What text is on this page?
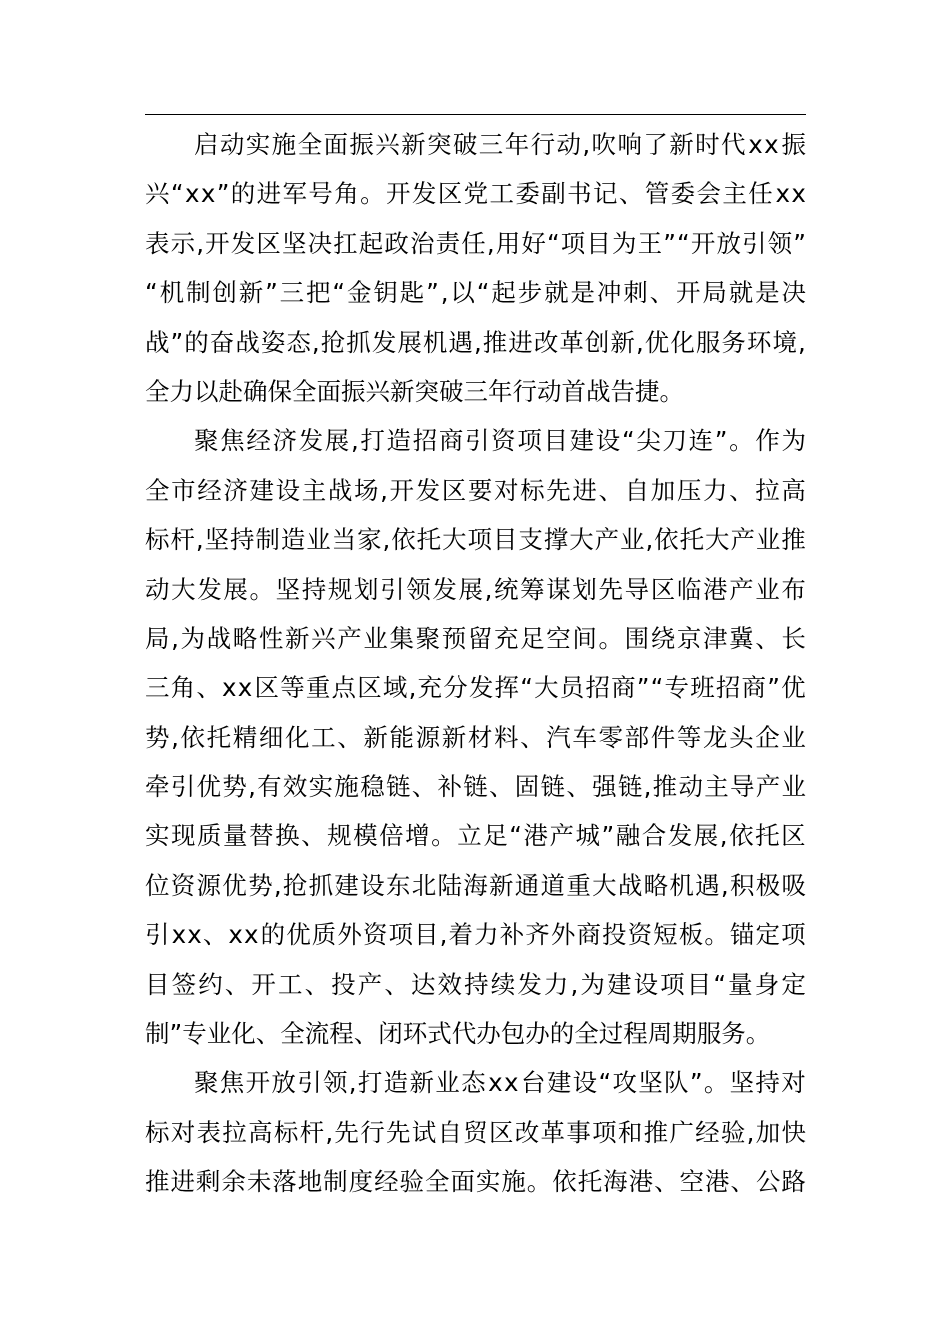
启 动 实 施 全 面 振 兴 新 突 破 三 年 行 动 , 吹 响 了 新 时 代 x x 振
兴 “ x x ” 的 进 军 号 角 。 开 发 区 党 工 委 副 书 记 、 管 委 会 主 任 x x
表 示 , 开 发 区 坚 决 扛 起 政 治 责 任 , 用 好 “ 项 目 为 王 ” “ 开 放 引 领 ”
“ 机 制 创 新 ” 三 把 “ 金 钥 匙 ” , 以 “ 起 步 就 是 冲 刺 、 开 局 就 是 决
战 ” 的 奋 战 姿 态 , 抢 抓 发 展 机 遇 , 推 进 改 革 创 新 , 优 化 服 务 环 境 ,
全力以赴确保全面振兴新突破三年行动首战告捷。
聚 焦 经 济 发 展 , 打 造 招 商 引 资 项 目 建 设 “ 尖 刀 连 ” 。 作 为
全 市 经 济 建 设 主 战 场 , 开 发 区 要 对 标 先 进 、 自 加 压 力 、 拉 高
标 杆 , 坚 持 制 造 业 当 家 , 依 托 大 项 目 支 撑 大 产 业 , 依 托 大 产 业 推
动 大 发 展 。 坚 持 规 划 引 领 发 展 , 统 筹 谋 划 先 导 区 临 港 产 业 布
局 , 为 战 略 性 新 兴 产 业 集 聚 预 留 充 足 空 间 。 围 绕 京 津 冀 、 长
三 角 、 x x 区 等 重 点 区 域 , 充 分 发 挥 “ 大 员 招 商 ” “ 专 班 招 商 ” 优
势 , 依 托 精 细 化 工 、 新 能 源 新 材 料 、 汽 车 零 部 件 等 龙 头 企 业
牵 引 优 势 , 有 效 实 施 稳 链 、 补 链 、 固 链 、 强 链 , 推 动 主 导 产 业
实 现 质 量 替 换 、 规 模 倍 增 。 立 足 “ 港 产 城 ” 融 合 发 展 , 依 托 区
位 资 源 优 势 , 抢 抓 建 设 东 北 陆 海 新 通 道 重 大 战 略 机 遇 , 积 极 吸
引 x x 、 x x 的 优 质 外 资 项 目 , 着 力 补 齐 外 商 投 资 短 板 。 锚 定 项
目 签 约 、 开 工 、 投 产 、 达 效 持 续 发 力 , 为 建 设 项 目 “ 量 身 定
制”专业化、全流程、闭环式代办包办的全过程周期服务。
聚 焦 开 放 引 领 , 打 造 新 业 态 x x 台 建 设 “ 攻 坚 队 ” 。 坚 持 对
标 对 表 拉 高 标 杆 , 先 行 先 试 自 贸 区 改 革 事 项 和 推 广 经 验 , 加 快
推 进 剩 余 未 落 地 制 度 经 验 全 面 实 施 。 依 托 海 港 、 空 港 、 公 路
